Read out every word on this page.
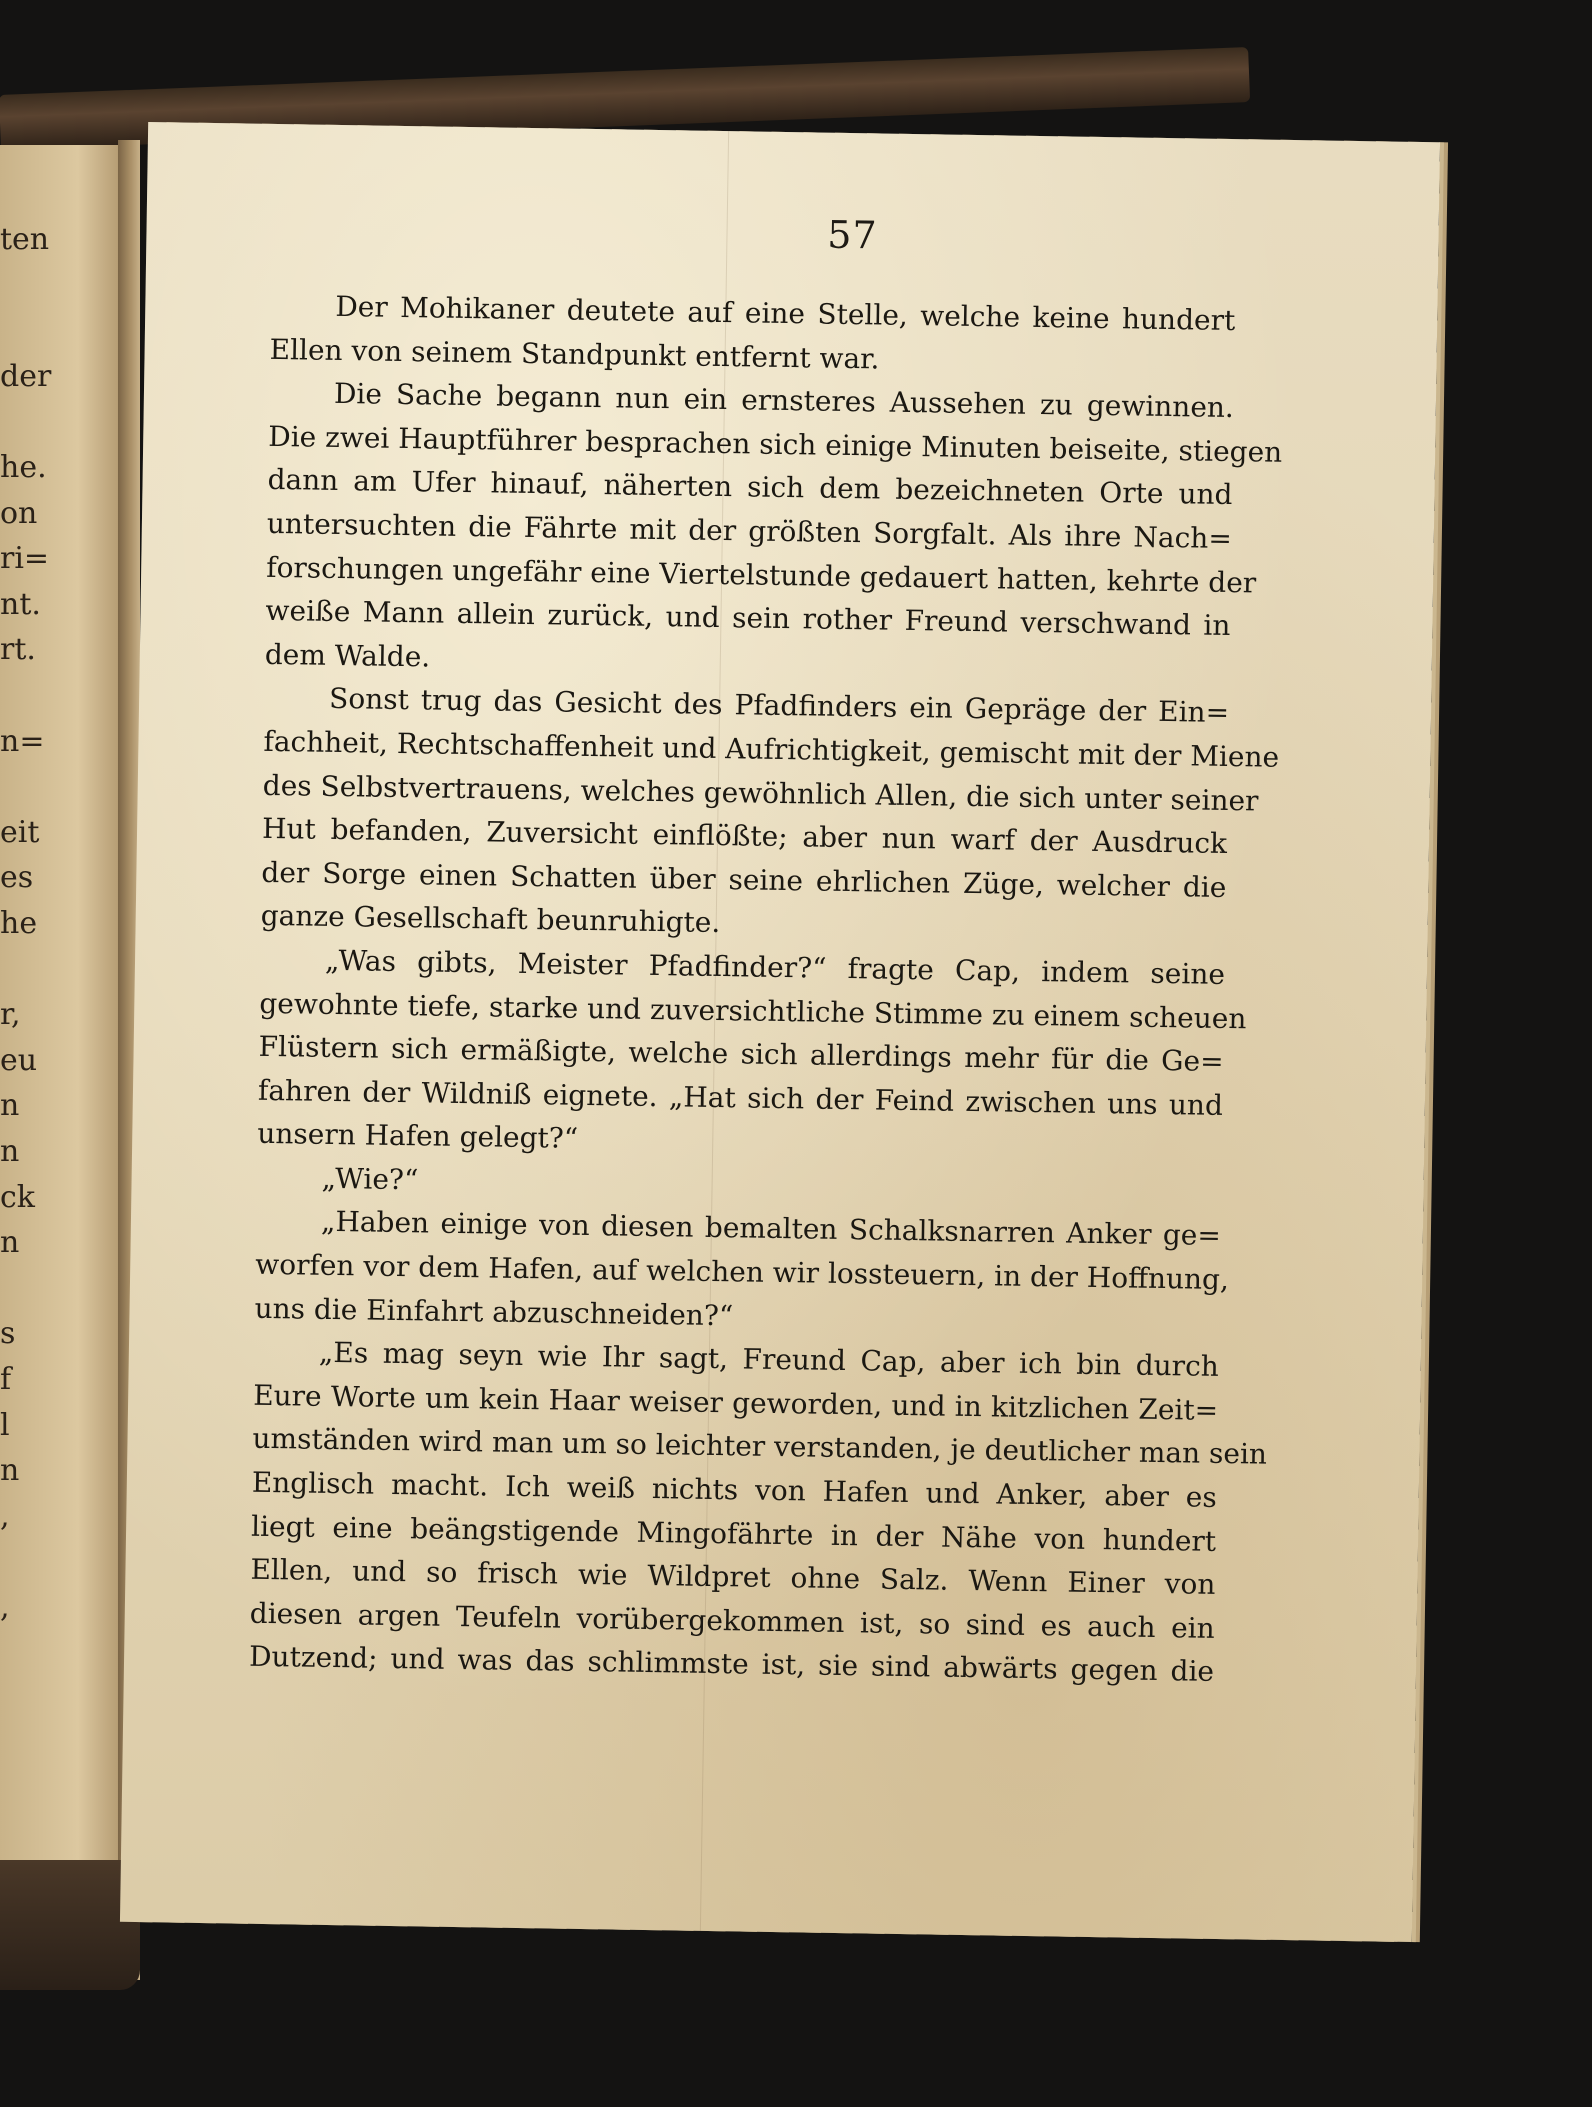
ten
der
he.
on
ri=
nt.
rt.
n=
eit
es
he
r,
eu
n
n
ck
n
s
f
l
n
,
,
57
Der Mohikaner deutete auf eine Stelle, welche keine hundert
Ellen von seinem Standpunkt entfernt war.
Die Sache begann nun ein ernsteres Aussehen zu gewinnen.
Die zwei Hauptführer besprachen sich einige Minuten beiseite, stiegen
dann am Ufer hinauf, näherten sich dem bezeichneten Orte und
untersuchten die Fährte mit der größten Sorgfalt. Als ihre Nach=
forschungen ungefähr eine Viertelstunde gedauert hatten, kehrte der
weiße Mann allein zurück, und sein rother Freund verschwand in
dem Walde.
Sonst trug das Gesicht des Pfadfinders ein Gepräge der Ein=
fachheit, Rechtschaffenheit und Aufrichtigkeit, gemischt mit der Miene
des Selbstvertrauens, welches gewöhnlich Allen, die sich unter seiner
Hut befanden, Zuversicht einflößte; aber nun warf der Ausdruck
der Sorge einen Schatten über seine ehrlichen Züge, welcher die
ganze Gesellschaft beunruhigte.
„Was gibts, Meister Pfadfinder?“ fragte Cap, indem seine
gewohnte tiefe, starke und zuversichtliche Stimme zu einem scheuen
Flüstern sich ermäßigte, welche sich allerdings mehr für die Ge=
fahren der Wildniß eignete. „Hat sich der Feind zwischen uns und
unsern Hafen gelegt?“
„Wie?“
„Haben einige von diesen bemalten Schalksnarren Anker ge=
worfen vor dem Hafen, auf welchen wir lossteuern, in der Hoffnung,
uns die Einfahrt abzuschneiden?“
„Es mag seyn wie Ihr sagt, Freund Cap, aber ich bin durch
Eure Worte um kein Haar weiser geworden, und in kitzlichen Zeit=
umständen wird man um so leichter verstanden, je deutlicher man sein
Englisch macht. Ich weiß nichts von Hafen und Anker, aber es
liegt eine beängstigende Mingofährte in der Nähe von hundert
Ellen, und so frisch wie Wildpret ohne Salz. Wenn Einer von
diesen argen Teufeln vorübergekommen ist, so sind es auch ein
Dutzend; und was das schlimmste ist, sie sind abwärts gegen die
